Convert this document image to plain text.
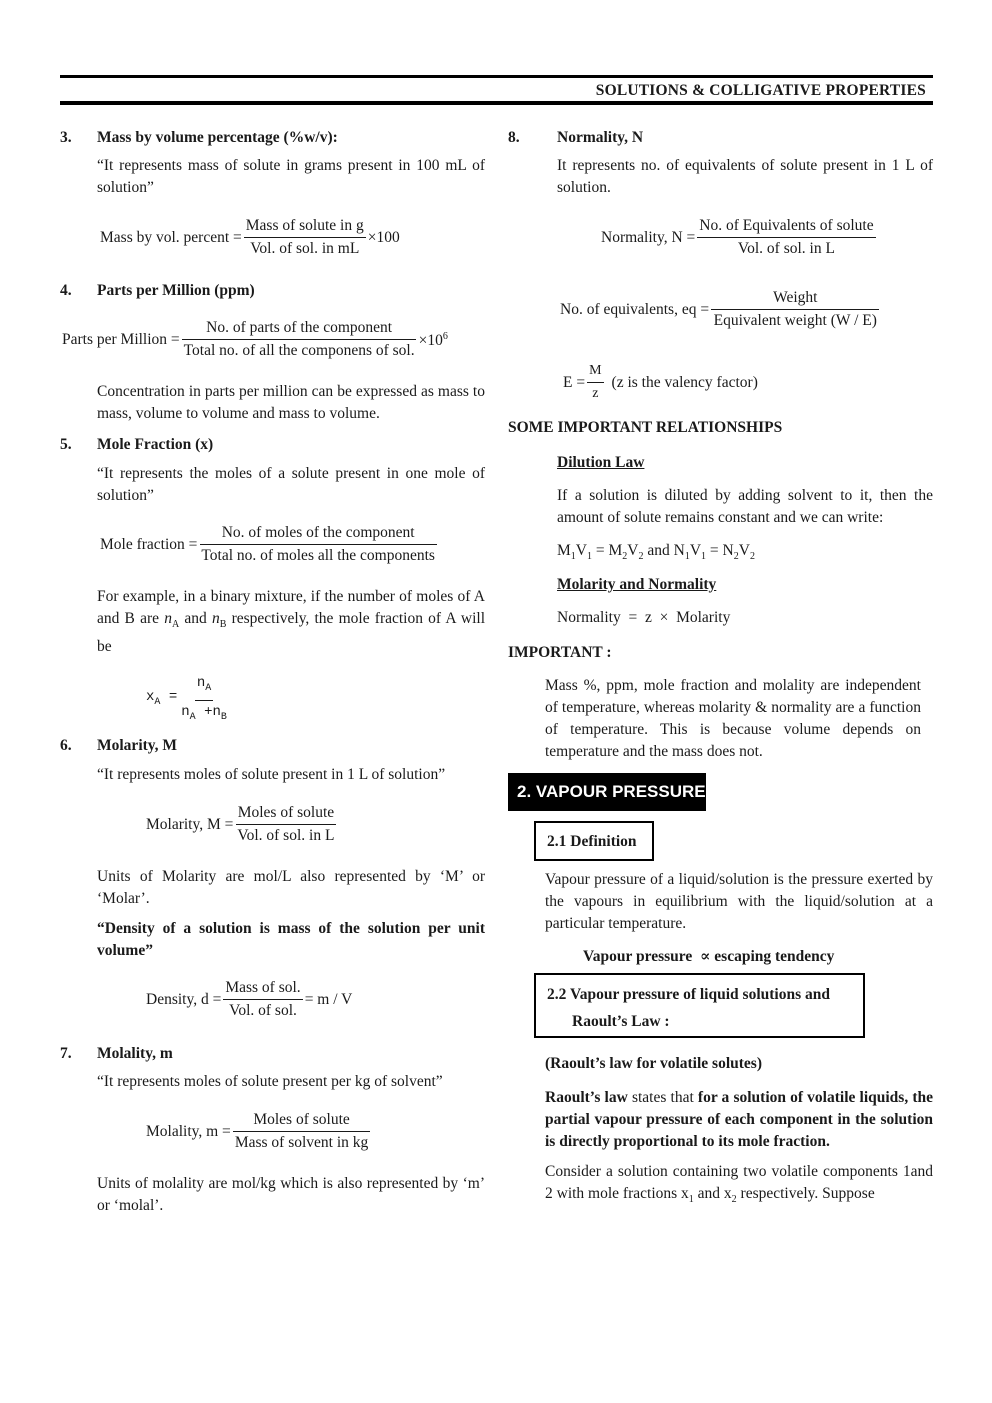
SOLUTIONS & COLLIGATIVE PROPERTIES
3. Mass by volume percentage (%w/v):
“It represents mass of solute in grams present in 100 mL of solution”
Mass by vol. percent = $\frac{\text{Mass of solute in g}}{\text{Vol. of sol. in mL}} \times 100$
4. Parts per Million (ppm)
Parts per Million = $\frac{\text{No. of parts of the component}}{\text{Total no. of all the componens of sol.}} \times 10^6$
Concentration in parts per million can be expressed as mass to mass, volume to volume and mass to volume.
5. Mole Fraction (x)
“It represents the moles of a solute present in one mole of solution”
Mole fraction = $\frac{\text{No. of moles of the component}}{\text{Total no. of moles all the components}}$
For example, in a binary mixture, if the number of moles of A and B are $n_A$ and $n_B$ respectively, the mole fraction of A will be
$x_A = \frac{n_A}{n_A +n_B}$
6. Molarity, M
“It represents moles of solute present in 1 L of solution”
Molarity, $M = \frac{\text{Moles of solute}}{\text{Vol. of sol. in L}}$
Units of Molarity are mol/L also represented by ‘M’ or ‘Molar’.
“Density of a solution is mass of the solution per unit volume”
Density, $d = \frac{\text{Mass of sol.}}{\text{Vol. of sol.}} = m / V$
7. Molality, m
“It represents moles of solute present per kg of solvent”
Molality, $m = \frac{\text{Moles of solute}}{\text{Mass of solvent in kg}}$
Units of molality are mol/kg which is also represented by ‘m’ or ‘molal’.
8. Normality, N
It represents no. of equivalents of solute present in 1 L of solution.
Normality, $N = \frac{\text{No. of Equivalents of solute}}{\text{Vol. of sol. in L}}$
No. of equivalents, eq = $\frac{\text{Weight}}{\text{Equivalent weight (W / E)}}$
$E = \frac{M}{z} (z$ is the valency factor)
SOME IMPORTANT RELATIONSHIPS
Dilution Law
If a solution is diluted by adding solvent to it, then the amount of solute remains constant and we can write:
$M_1V_1 = M_2V_2$ and $N_1V_1 = N_2V_2$
Molarity and Normality
Normality  =  z  ×  Molarity
IMPORTANT :
Mass %, ppm, mole fraction and molality are independent of temperature, whereas molarity & normality are a function of temperature. This is because volume depends on temperature and the mass does not.
2. VAPOUR PRESSURE
2.1 Definition
Vapour pressure of a liquid/solution is the pressure exerted by the vapours in equilibrium with the liquid/solution at a particular temperature.
Vapour pressure  ∝ escaping tendency
2.2 Vapour pressure of liquid solutions and
Raoult’s Law :
(Raoult’s law for volatile solutes)
Raoult’s law states that for a solution of volatile liquids, the partial vapour pressure of each component in the solution is directly proportional to its mole fraction.
Consider a solution containing two volatile components 1and 2 with mole fractions $x_1$ and $x_2$ respectively. Suppose
